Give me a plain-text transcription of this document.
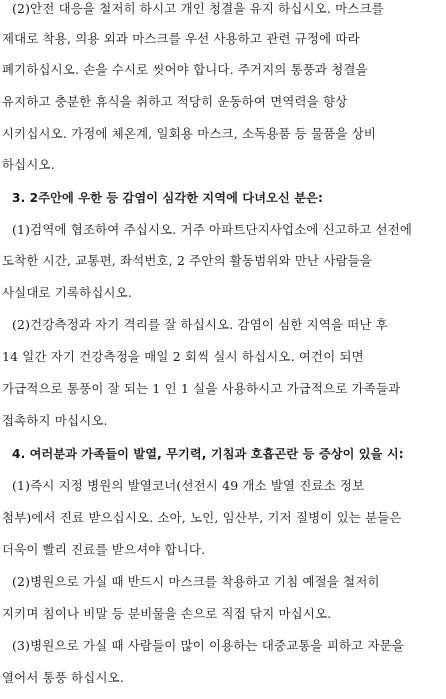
(2)안전 대응을 철저히 하시고 개인 청결을 유지 하십시오. 마스크를
제대로 착용, 의용 외과 마스크를 우선 사용하고 관련 규정에 따라
폐기하십시오. 손을 수시로 씻어야 합니다. 주거지의 통풍과 청결을
유지하고 충분한 휴식을 취하고 적당히 운동하여 면역력을 향상
시키십시오. 가정에 체온계, 일회용 마스크, 소독용품 등 물품을 상비
하십시오.
3. 2주안에 우한 등 감염이 심각한 지역에 다녀오신 분은:
(1)검역에 협조하여 주십시오. 거주 아파트단지사업소에 신고하고 선전에
도착한 시간, 교통편, 좌석번호, 2 주안의 활동범위와 만난 사람들을
사실대로 기록하십시오.
(2)건강측정과 자기 격리를 잘 하십시오. 감염이 심한 지역을 떠난 후
14 일간 자기 건강측정을 매일 2 회씩 실시 하십시오. 여건이 되면
가급적으로 통풍이 잘 되는 1 인 1 실을 사용하시고 가급적으로 가족들과
접촉하지 마십시오.
4. 여러분과 가족들이 발열, 무기력, 기침과 호흡곤란 등 증상이 있을 시:
(1)즉시 지정 병원의 발열코너(선전시 49 개소 발열 진료소 정보
첨부)에서 진료 받으십시오. 소아, 노인, 임산부, 기저 질병이 있는 분들은
더욱이 빨리 진료를 받으셔야 합니다.
(2)병원으로 가실 때 반드시 마스크를 착용하고 기침 예절을 철저히
지키며 침이나 비말 등 분비물을 손으로 직접 닦지 마십시오.
(3)병원으로 가실 때 사람들이 많이 이용하는 대중교통을 피하고 자문을
열어서 통풍 하십시오.
